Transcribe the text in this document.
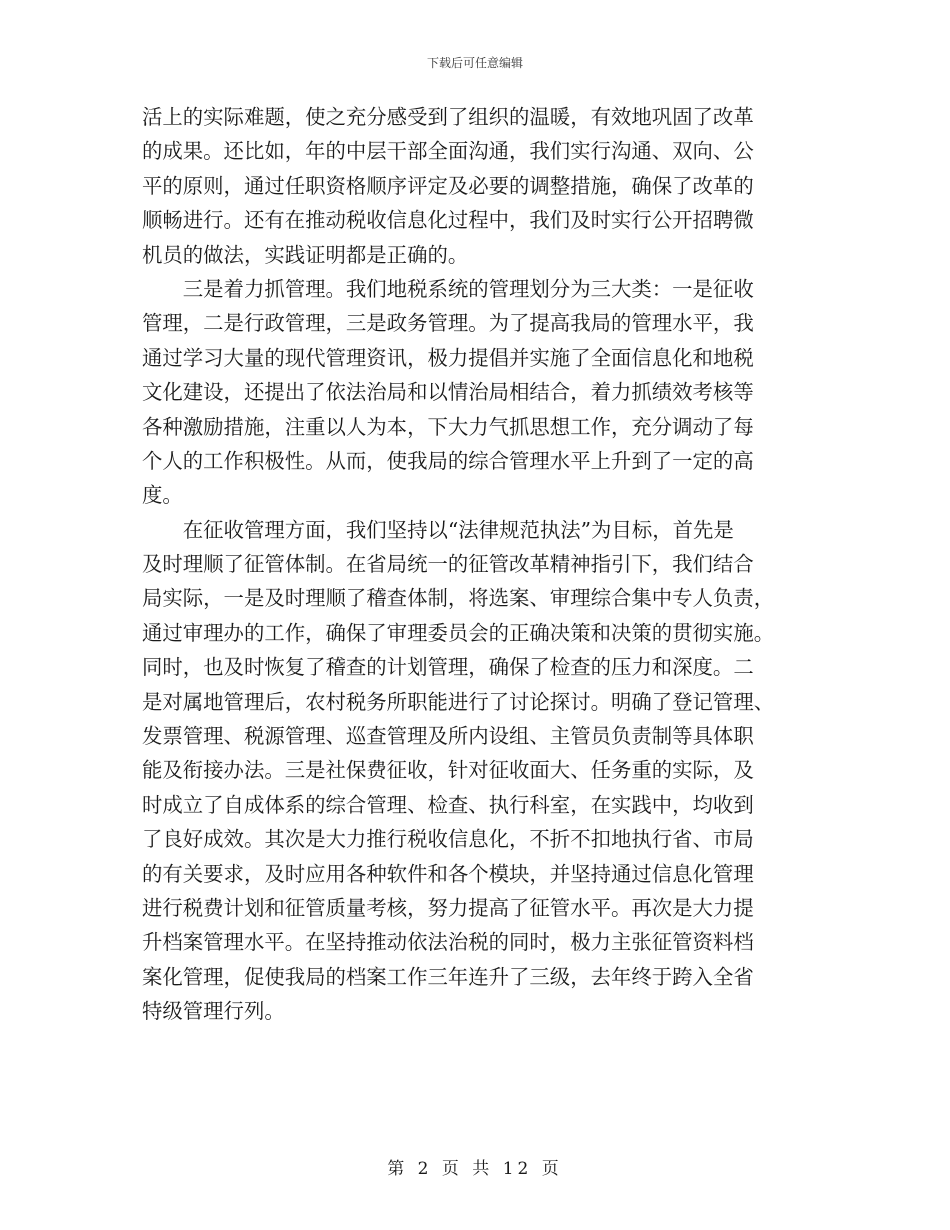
下载后可任意编辑
活上的实际难题，使之充分感受到了组织的温暖，有效地巩固了改革
的成果。还比如，年的中层干部全面沟通，我们实行沟通、双向、公
平的原则，通过任职资格顺序评定及必要的调整措施，确保了改革的
顺畅进行。还有在推动税收信息化过程中，我们及时实行公开招聘微
机员的做法，实践证明都是正确的。
　　三是着力抓管理。我们地税系统的管理划分为三大类：一是征收
管理，二是行政管理，三是政务管理。为了提高我局的管理水平，我
通过学习大量的现代管理资讯，极力提倡并实施了全面信息化和地税
文化建设，还提出了依法治局和以情治局相结合，着力抓绩效考核等
各种激励措施，注重以人为本，下大力气抓思想工作，充分调动了每
个人的工作积极性。从而，使我局的综合管理水平上升到了一定的高
度。
　　在征收管理方面，我们坚持以“法律规范执法”为目标，首先是
及时理顺了征管体制。在省局统一的征管改革精神指引下，我们结合
局实际，一是及时理顺了稽查体制，将选案、审理综合集中专人负责，
通过审理办的工作，确保了审理委员会的正确决策和决策的贯彻实施。
同时，也及时恢复了稽查的计划管理，确保了检查的压力和深度。二
是对属地管理后，农村税务所职能进行了讨论探讨。明确了登记管理、
发票管理、税源管理、巡查管理及所内设组、主管员负责制等具体职
能及衔接办法。三是社保费征收，针对征收面大、任务重的实际，及
时成立了自成体系的综合管理、检查、执行科室，在实践中，均收到
了良好成效。其次是大力推行税收信息化，不折不扣地执行省、市局
的有关要求，及时应用各种软件和各个模块，并坚持通过信息化管理
进行税费计划和征管质量考核，努力提高了征管水平。再次是大力提
升档案管理水平。在坚持推动依法治税的同时，极力主张征管资料档
案化管理，促使我局的档案工作三年连升了三级，去年终于跨入全省
特级管理行列。
第 2 页 共 12 页
